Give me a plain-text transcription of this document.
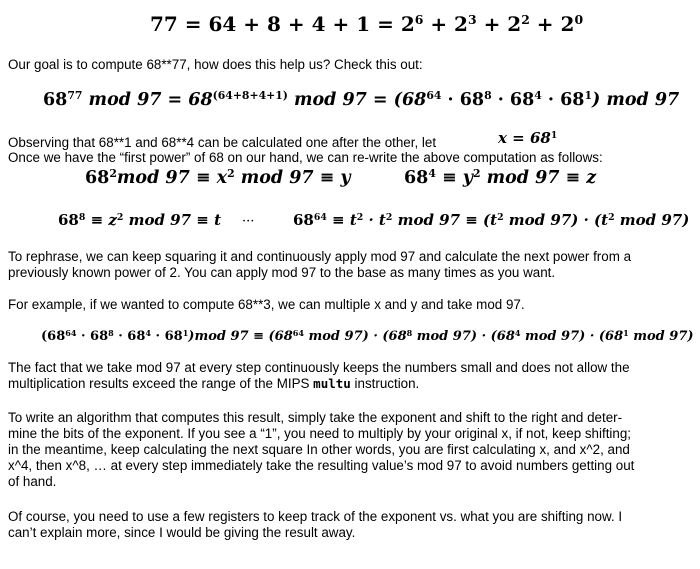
$77 = 64 + 8 + 4 + 1 = 2^6 + 2^3 + 2^2 + 2^0$
Our goal is to compute 68**77, how does this help us? Check this out:
$68^{77}$ mod $97 = 68^{(64+8+4+1)}$ mod $97 = (68^{64} \cdot 68^8 \cdot 68^4 \cdot 68^1)$ mod 97
Observing that 68**1 and 68**4 can be calculated one after the other, let	$x = 68^1$
Once we have the “first power” of 68 on our hand, we can re-write the above computation as follows:
$68^2mod$ $97 \equiv x^2$ mod 97 ≡ y	$68^4 \equiv y^2$ mod 97 ≡ z
$68^8 \equiv z^2$ mod 97 ≡ t ···	$68^{64} \equiv t^2 \cdot t^2$ mod $97 \equiv (t^2$ mod $97) \cdot (t^2$ mod 97)
To rephrase, we can keep squaring it and continuously apply mod 97 and calculate the next power from a
previously known power of 2. You can apply mod 97 to the base as many times as you want.
For example, if we wanted to compute 68**3, we can multiple x and y and take mod 97.
$(68^{64} \cdot 68^8 \cdot 68^4 \cdot 68^1)mod$ $97 \equiv (68^{64}$ mod $97) \cdot (68^8$ mod $97) \cdot (68^4$ mod $97) \cdot (68^1$ mod 97)
The fact that we take mod 97 at every step continuously keeps the numbers small and does not allow the
multiplication results exceed the range of the MIPS multu instruction.
To write an algorithm that computes this result, simply take the exponent and shift to the right and deter-
mine the bits of the exponent. If you see a “1”, you need to multiply by your original x, if not, keep shifting;
in the meantime, keep calculating the next square In other words, you are first calculating x, and x^2, and
x^4, then x^8, … at every step immediately take the resulting value’s mod 97 to avoid numbers getting out
of hand.
Of course, you need to use a few registers to keep track of the exponent vs. what you are shifting now. I
can’t explain more, since I would be giving the result away.
